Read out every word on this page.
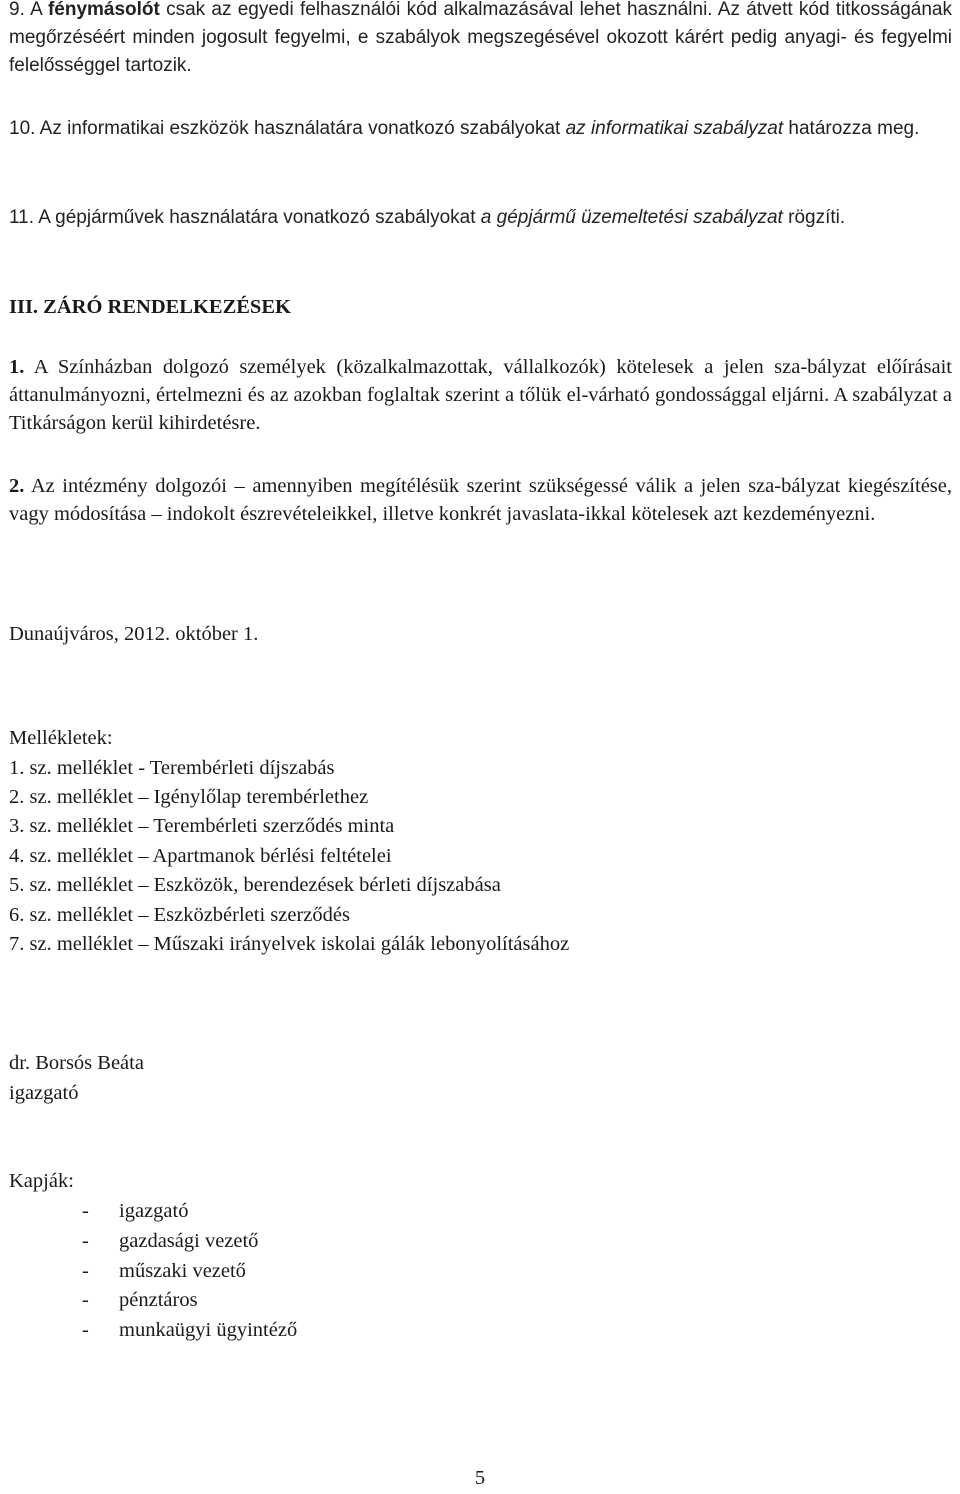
9. A fénymásolót csak az egyedi felhasználói kód alkalmazásával lehet használni. Az átvett kód titkosságának megőrzéséért minden jogosult fegyelmi, e szabályok megszegésével okozott kárért pedig anyagi- és fegyelmi felelősséggel tartozik.
10. Az informatikai eszközök használatára vonatkozó szabályokat az informatikai szabályzat határozza meg.
11. A gépjárművek használatára vonatkozó szabályokat a gépjármű üzemeltetési szabályzat rögzíti.
III. ZÁRÓ RENDELKEZÉSEK
1. A Színházban dolgozó személyek (közalkalmazottak, vállalkozók) kötelesek a jelen sza-bályzat előírásait áttanulmányozni, értelmezni és az azokban foglaltak szerint a tőlük el-várható gondossággal eljárni. A szabályzat a Titkárságon kerül kihirdetésre.
2. Az intézmény dolgozói – amennyiben megítélésük szerint szükségessé válik a jelen sza-bályzat kiegészítése, vagy módosítása – indokolt észrevételeikkel, illetve konkrét javaslata-ikkal kötelesek azt kezdeményezni.
Dunaújváros, 2012. október 1.
Mellékletek:
1. sz. melléklet - Terembérleti díjszabás
2. sz. melléklet – Igénylőlap terembérlethez
3. sz. melléklet – Terembérleti szerződés minta
4. sz. melléklet – Apartmanok bérlési feltételei
5. sz. melléklet – Eszközök, berendezések bérleti díjszabása
6. sz. melléklet – Eszközbérleti szerződés
7. sz. melléklet – Műszaki irányelvek iskolai gálák lebonyolításához
dr. Borsós Beáta
igazgató
Kapják:
- igazgató
- gazdasági vezető
- műszaki vezető
- pénztáros
- munkaügyi ügyintéző
5
